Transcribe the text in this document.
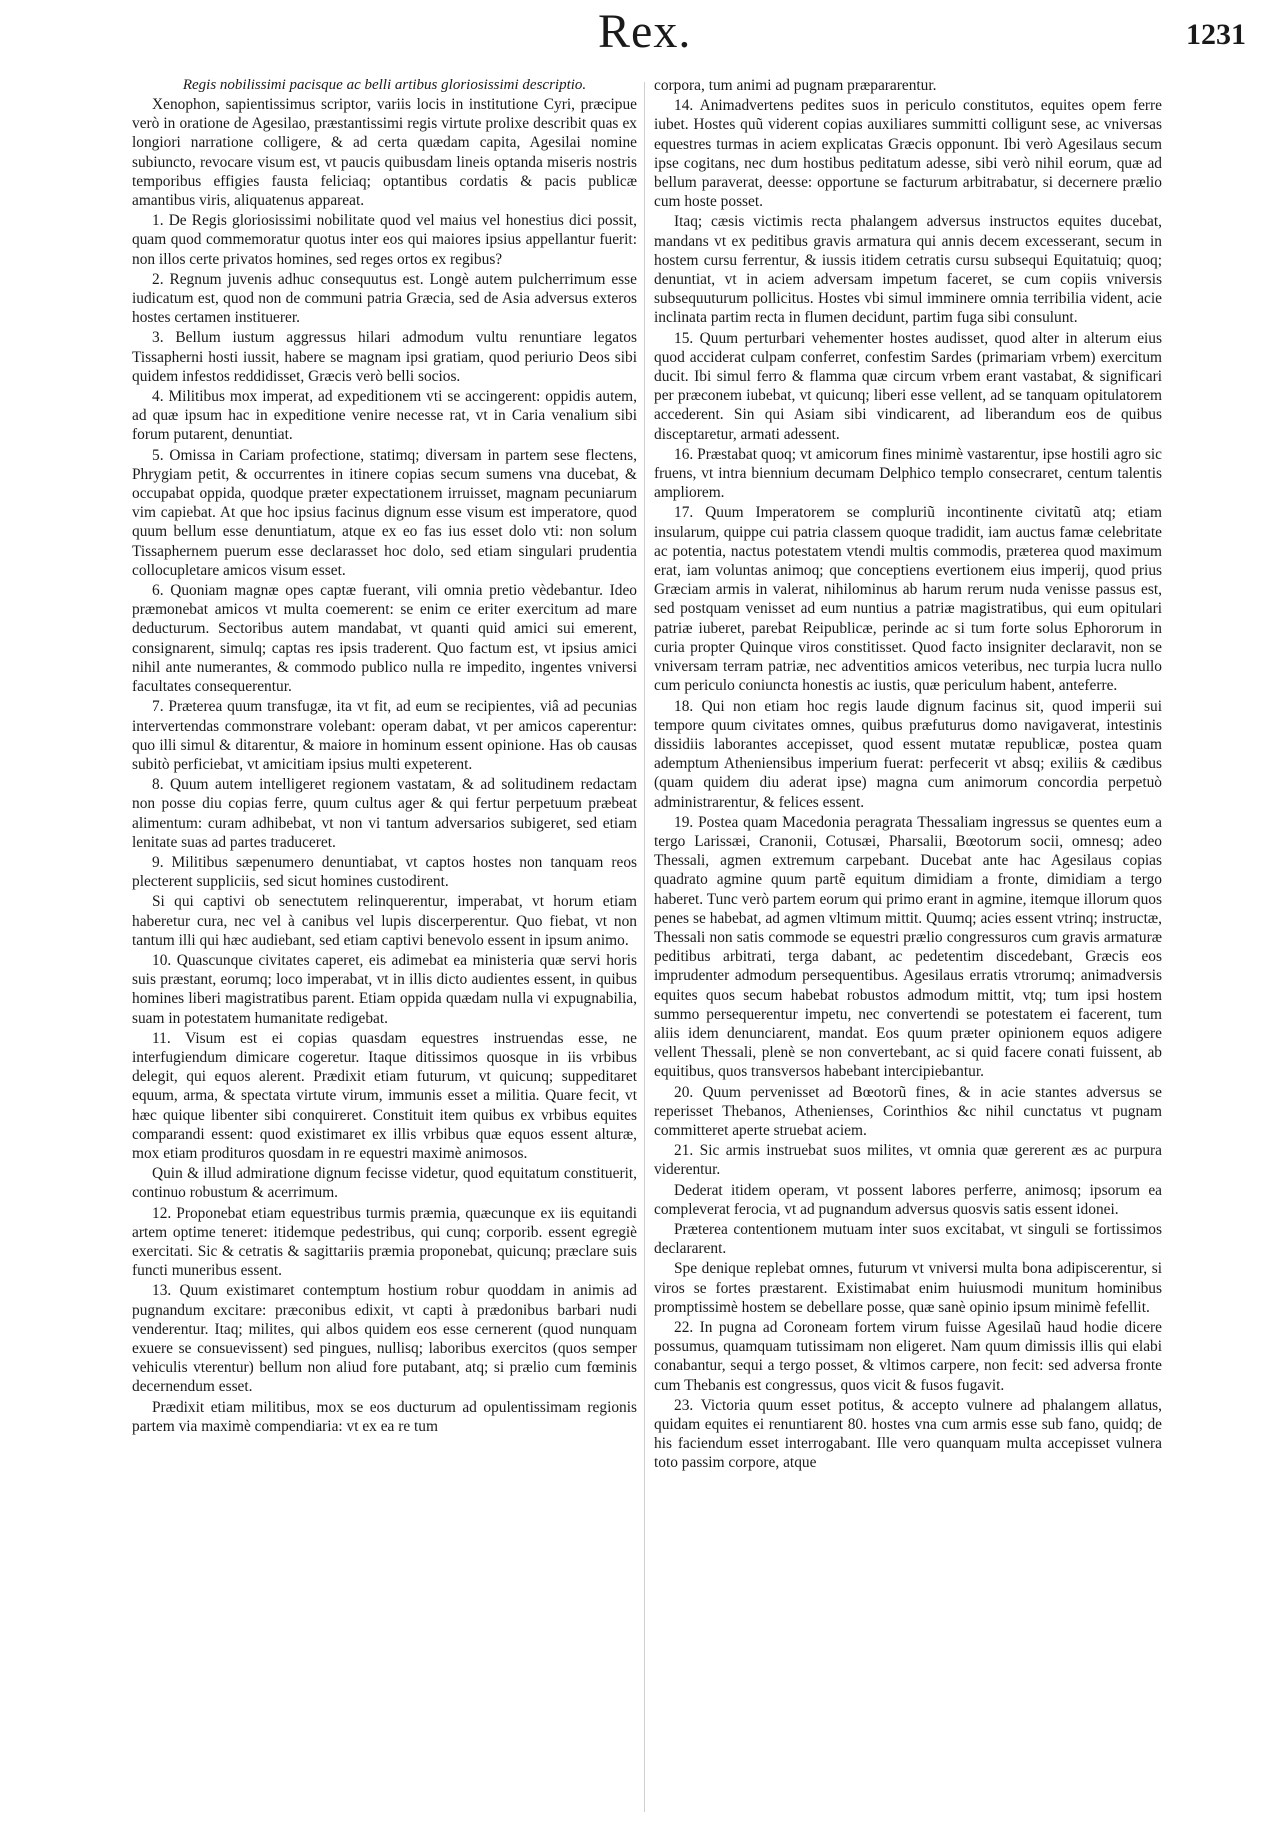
Rex.	1231

Regis nobilissimi pacisque ac belli artibus gloriosissimi descriptio.

Xenophon, sapientissimus scriptor, variis locis in institutione Cyri, præcipue verò in oratione de Agesilao, præstantissimi regis virtute prolixe describit quas ex longiori narratione colligere, & ad certa quædam capita, Agesilai nomine subiuncto, revocare visum est, vt paucis quibusdam lineis optanda miseris nostris temporibus effigies fausta feliciaq; optantibus cordatis & pacis publicæ amantibus viris, aliquatenus appareat.

1. De Regis gloriosissimi nobilitate quod vel maius vel honestius dici possit, quam quod commemoratur quotus inter eos qui maiores ipsius appellantur fuerit: non illos certe privatos homines, sed reges ortos ex regibus?

2. Regnum juvenis adhuc consequutus est. Longè autem pulcherrimum esse iudicatum est, quod non de communi patria Græcia, sed de Asia adversus exteros hostes certamen instituerer.

3. Bellum iustum aggressus hilari admodum vultu renuntiare legatos Tissapherni hosti iussit, habere se magnam ipsi gratiam, quod periurio Deos sibi quidem infestos reddidisset, Græcis verò belli socios.

4. Militibus mox imperat, ad expeditionem vti se accingerent: oppidis autem, ad quæ ipsum hac in expeditione venire necesse rat, vt in Caria venalium sibi forum putarent, denuntiat.

5. Omissa in Cariam profectione, statimq; diversam in partem sese flectens, Phrygiam petit, & occurrentes in itinere copias secum sumens vna ducebat, & occupabat oppida, quodque præter expectationem irruisset, magnam pecuniarum vim capiebat. At que hoc ipsius facinus dignum esse visum est imperatore, quod quum bellum esse denuntiatum, atque ex eo fas ius esset dolo vti: non solum Tissaphernem puerum esse declarasset hoc dolo, sed etiam singulari prudentia collocupletare amicos visum esset.

6. Quoniam magnæ opes captæ fuerant, vili omnia pretio vèdebantur. Ideo præmonebat amicos vt multa coemerent: se enim ce eriter exercitum ad mare deducturum. Sectoribus autem mandabat, vt quanti quid amici sui emerent, consignarent, simulq; captas res ipsis traderent. Quo factum est, vt ipsius amici nihil ante numerantes, & commodo publico nulla re impedito, ingentes vniversi facultates consequerentur.

7. Præterea quum transfugæ, ita vt fit, ad eum se recipientes, viâ ad pecunias intervertendas commonstrare volebant: operam dabat, vt per amicos caperentur: quo illi simul & ditarentur, & maiore in hominum essent opinione. Has ob causas subitò perficiebat, vt amicitiam ipsius multi expeterent.

8. Quum autem intelligeret regionem vastatam, & ad solitudinem redactam non posse diu copias ferre, quum cultus ager & qui fertur perpetuum præbeat alimentum: curam adhibebat, vt non vi tantum adversarios subigeret, sed etiam lenitate suas ad partes traduceret.

9. Militibus sæpenumero denuntiabat, vt captos hostes non tanquam reos plecterent suppliciis, sed sicut homines custodirent.

Si qui captivi ob senectutem relinquerentur, imperabat, vt horum etiam haberetur cura, nec vel à canibus vel lupis discerperentur. Quo fiebat, vt non tantum illi qui hæc audiebant, sed etiam captivi benevolo essent in ipsum animo.

10. Quascunque civitates caperet, eis adimebat ea ministeria quæ servi horis suis præstant, eorumq; loco imperabat, vt in illis dicto audientes essent, in quibus homines liberi magistratibus parent. Etiam oppida quædam nulla vi expugnabilia, suam in potestatem humanitate redigebat.

11. Visum est ei copias quasdam equestres instruendas esse, ne interfugiendum dimicare cogeretur. Itaque ditissimos quosque in iis vrbibus delegit, qui equos alerent. Prædixit etiam futurum, vt quicunq; suppeditaret equum, arma, & spectata virtute virum, immunis esset a militia. Quare fecit, vt hæc quique libenter sibi conquireret. Constituit item quibus ex vrbibus equites comparandi essent: quod existimaret ex illis vrbibus quæ equos essent alturæ, mox etiam prodituros quosdam in re equestri maximè animosos.

Quin & illud admiratione dignum fecisse videtur, quod equitatum constituerit, continuo robustum & acerrimum.

12. Proponebat etiam equestribus turmis præmia, quæcunque ex iis equitandi artem optime teneret: itidemque pedestribus, qui cunq; corporib. essent egregiè exercitati. Sic & cetratis & sagittariis præmia proponebat, quicunq; præclare suis functi muneribus essent.

13. Quum existimaret contemptum hostium robur quoddam in animis ad pugnandum excitare: præconibus edixit, vt capti à prædonibus barbari nudi venderentur. Itaq; milites, qui albos quidem eos esse cernerent (quod nunquam exuere se consuevissent) sed pingues, nullisq; laboribus exercitos (quos semper vehiculis vterentur) bellum non aliud fore putabant, atq; si prælio cum fœminis decernendum esset.

Prædixit etiam militibus, mox se eos ducturum ad opulentissimam regionis partem via maximè compendiaria: vt ex ea re tum

corpora, tum animi ad pugnam præpararentur.

14. Animadvertens pedites suos in periculo constitutos, equites opem ferre iubet. Hostes quũ viderent copias auxiliares summitti colligunt sese, ac vniversas equestres turmas in aciem explicatas Græcis opponunt. Ibi verò Agesilaus secum ipse cogitans, nec dum hostibus peditatum adesse, sibi verò nihil eorum, quæ ad bellum paraverat, deesse: opportune se facturum arbitrabatur, si decernere prælio cum hoste posset.

Itaq; cæsis victimis recta phalangem adversus instructos equites ducebat, mandans vt ex peditibus gravis armatura qui annis decem excesserant, secum in hostem cursu ferrentur, & iussis itidem cetratis cursu subsequi Equitatuiq; quoq; denuntiat, vt in aciem adversam impetum faceret, se cum copiis vniversis subsequuturum pollicitus. Hostes vbi simul imminere omnia terribilia vident, acie inclinata partim recta in flumen decidunt, partim fuga sibi consulunt.

15. Quum perturbari vehementer hostes audisset, quod alter in alterum eius quod acciderat culpam conferret, confestim Sardes (primariam vrbem) exercitum ducit. Ibi simul ferro & flamma quæ circum vrbem erant vastabat, & significari per præconem iubebat, vt quicunq; liberi esse vellent, ad se tanquam opitulatorem accederent. Sin qui Asiam sibi vindicarent, ad liberandum eos de quibus disceptaretur, armati adessent.

16. Præstabat quoq; vt amicorum fines minimè vastarentur, ipse hostili agro sic fruens, vt intra biennium decumam Delphico templo consecraret, centum talentis ampliorem.

17. Quum Imperatorem se compluriũ incontinente civitatũ atq; etiam insularum, quippe cui patria classem quoque tradidit, iam auctus famæ celebritate ac potentia, nactus potestatem vtendi multis commodis, præterea quod maximum erat, iam voluntas animoq; que conceptiens evertionem eius imperij, quod prius Græciam armis in valerat, nihilominus ab harum rerum nuda venisse passus est, sed postquam venisset ad eum nuntius a patriæ magistratibus, qui eum opitulari patriæ iuberet, parebat Reipublicæ, perinde ac si tum forte solus Ephororum in curia propter Quinque viros constitisset. Quod facto insigniter declaravit, non se vniversam terram patriæ, nec adventitios amicos veteribus, nec turpia lucra nullo cum periculo coniuncta honestis ac iustis, quæ periculum habent, anteferre.

18. Qui non etiam hoc regis laude dignum facinus sit, quod imperii sui tempore quum civitates omnes, quibus præfuturus domo navigaverat, intestinis dissidiis laborantes accepisset, quod essent mutatæ republicæ, postea quam ademptum Atheniensibus imperium fuerat: perfecerit vt absq; exiliis & cædibus (quam quidem diu aderat ipse) magna cum animorum concordia perpetuò administrarentur, & felices essent.

19. Postea quam Macedonia peragrata Thessaliam ingressus se quentes eum a tergo Larissæi, Cranonii, Cotusæi, Pharsalii, Bœotorum socii, omnesq; adeo Thessali, agmen extremum carpebant. Ducebat ante hac Agesilaus copias quadrato agmine quum partẽ equitum dimidiam a fronte, dimidiam a tergo haberet. Tunc verò partem eorum qui primo erant in agmine, itemque illorum quos penes se habebat, ad agmen vltimum mittit. Quumq; acies essent vtrinq; instructæ, Thessali non satis commode se equestri prælio congressuros cum gravis armaturæ peditibus arbitrati, terga dabant, ac pedetentim discedebant, Græcis eos imprudenter admodum persequentibus. Agesilaus erratis vtrorumq; animadversis equites quos secum habebat robustos admodum mittit, vtq; tum ipsi hostem summo persequerentur impetu, nec convertendi se potestatem ei facerent, tum aliis idem denunciarent, mandat. Eos quum præter opinionem equos adigere vellent Thessali, plenè se non convertebant, ac si quid facere conati fuissent, ab equitibus, quos transversos habebant intercipiebantur.

20. Quum pervenisset ad Bœotorũ fines, & in acie stantes adversus se reperisset Thebanos, Athenienses, Corinthios &c nihil cunctatus vt pugnam committeret aperte struebat aciem.

21. Sic armis instruebat suos milites, vt omnia quæ gererent æs ac purpura viderentur.

Dederat itidem operam, vt possent labores perferre, animosq; ipsorum ea compleverat ferocia, vt ad pugnandum adversus quosvis satis essent idonei.

Præterea contentionem mutuam inter suos excitabat, vt singuli se fortissimos declararent.

Spe denique replebat omnes, futurum vt vniversi multa bona adipiscerentur, si viros se fortes præstarent. Existimabat enim huiusmodi munitum hominibus promptissimè hostem se debellare posse, quæ sanè opinio ipsum minimè fefellit.

22. In pugna ad Coroneam fortem virum fuisse Agesilaũ haud hodie dicere possumus, quamquam tutissimam non eligeret. Nam quum dimissis illis qui elabi conabantur, sequi a tergo posset, & vltimos carpere, non fecit: sed adversa fronte cum Thebanis est congressus, quos vicit & fusos fugavit.

23. Victoria quum esset potitus, & accepto vulnere ad phalangem allatus, quidam equites ei renuntiarent 80. hostes vna cum armis esse sub fano, quidq; de his faciendum esset interrogabant. Ille vero quanquam multa accepisset vulnera toto passim corpore, atque
